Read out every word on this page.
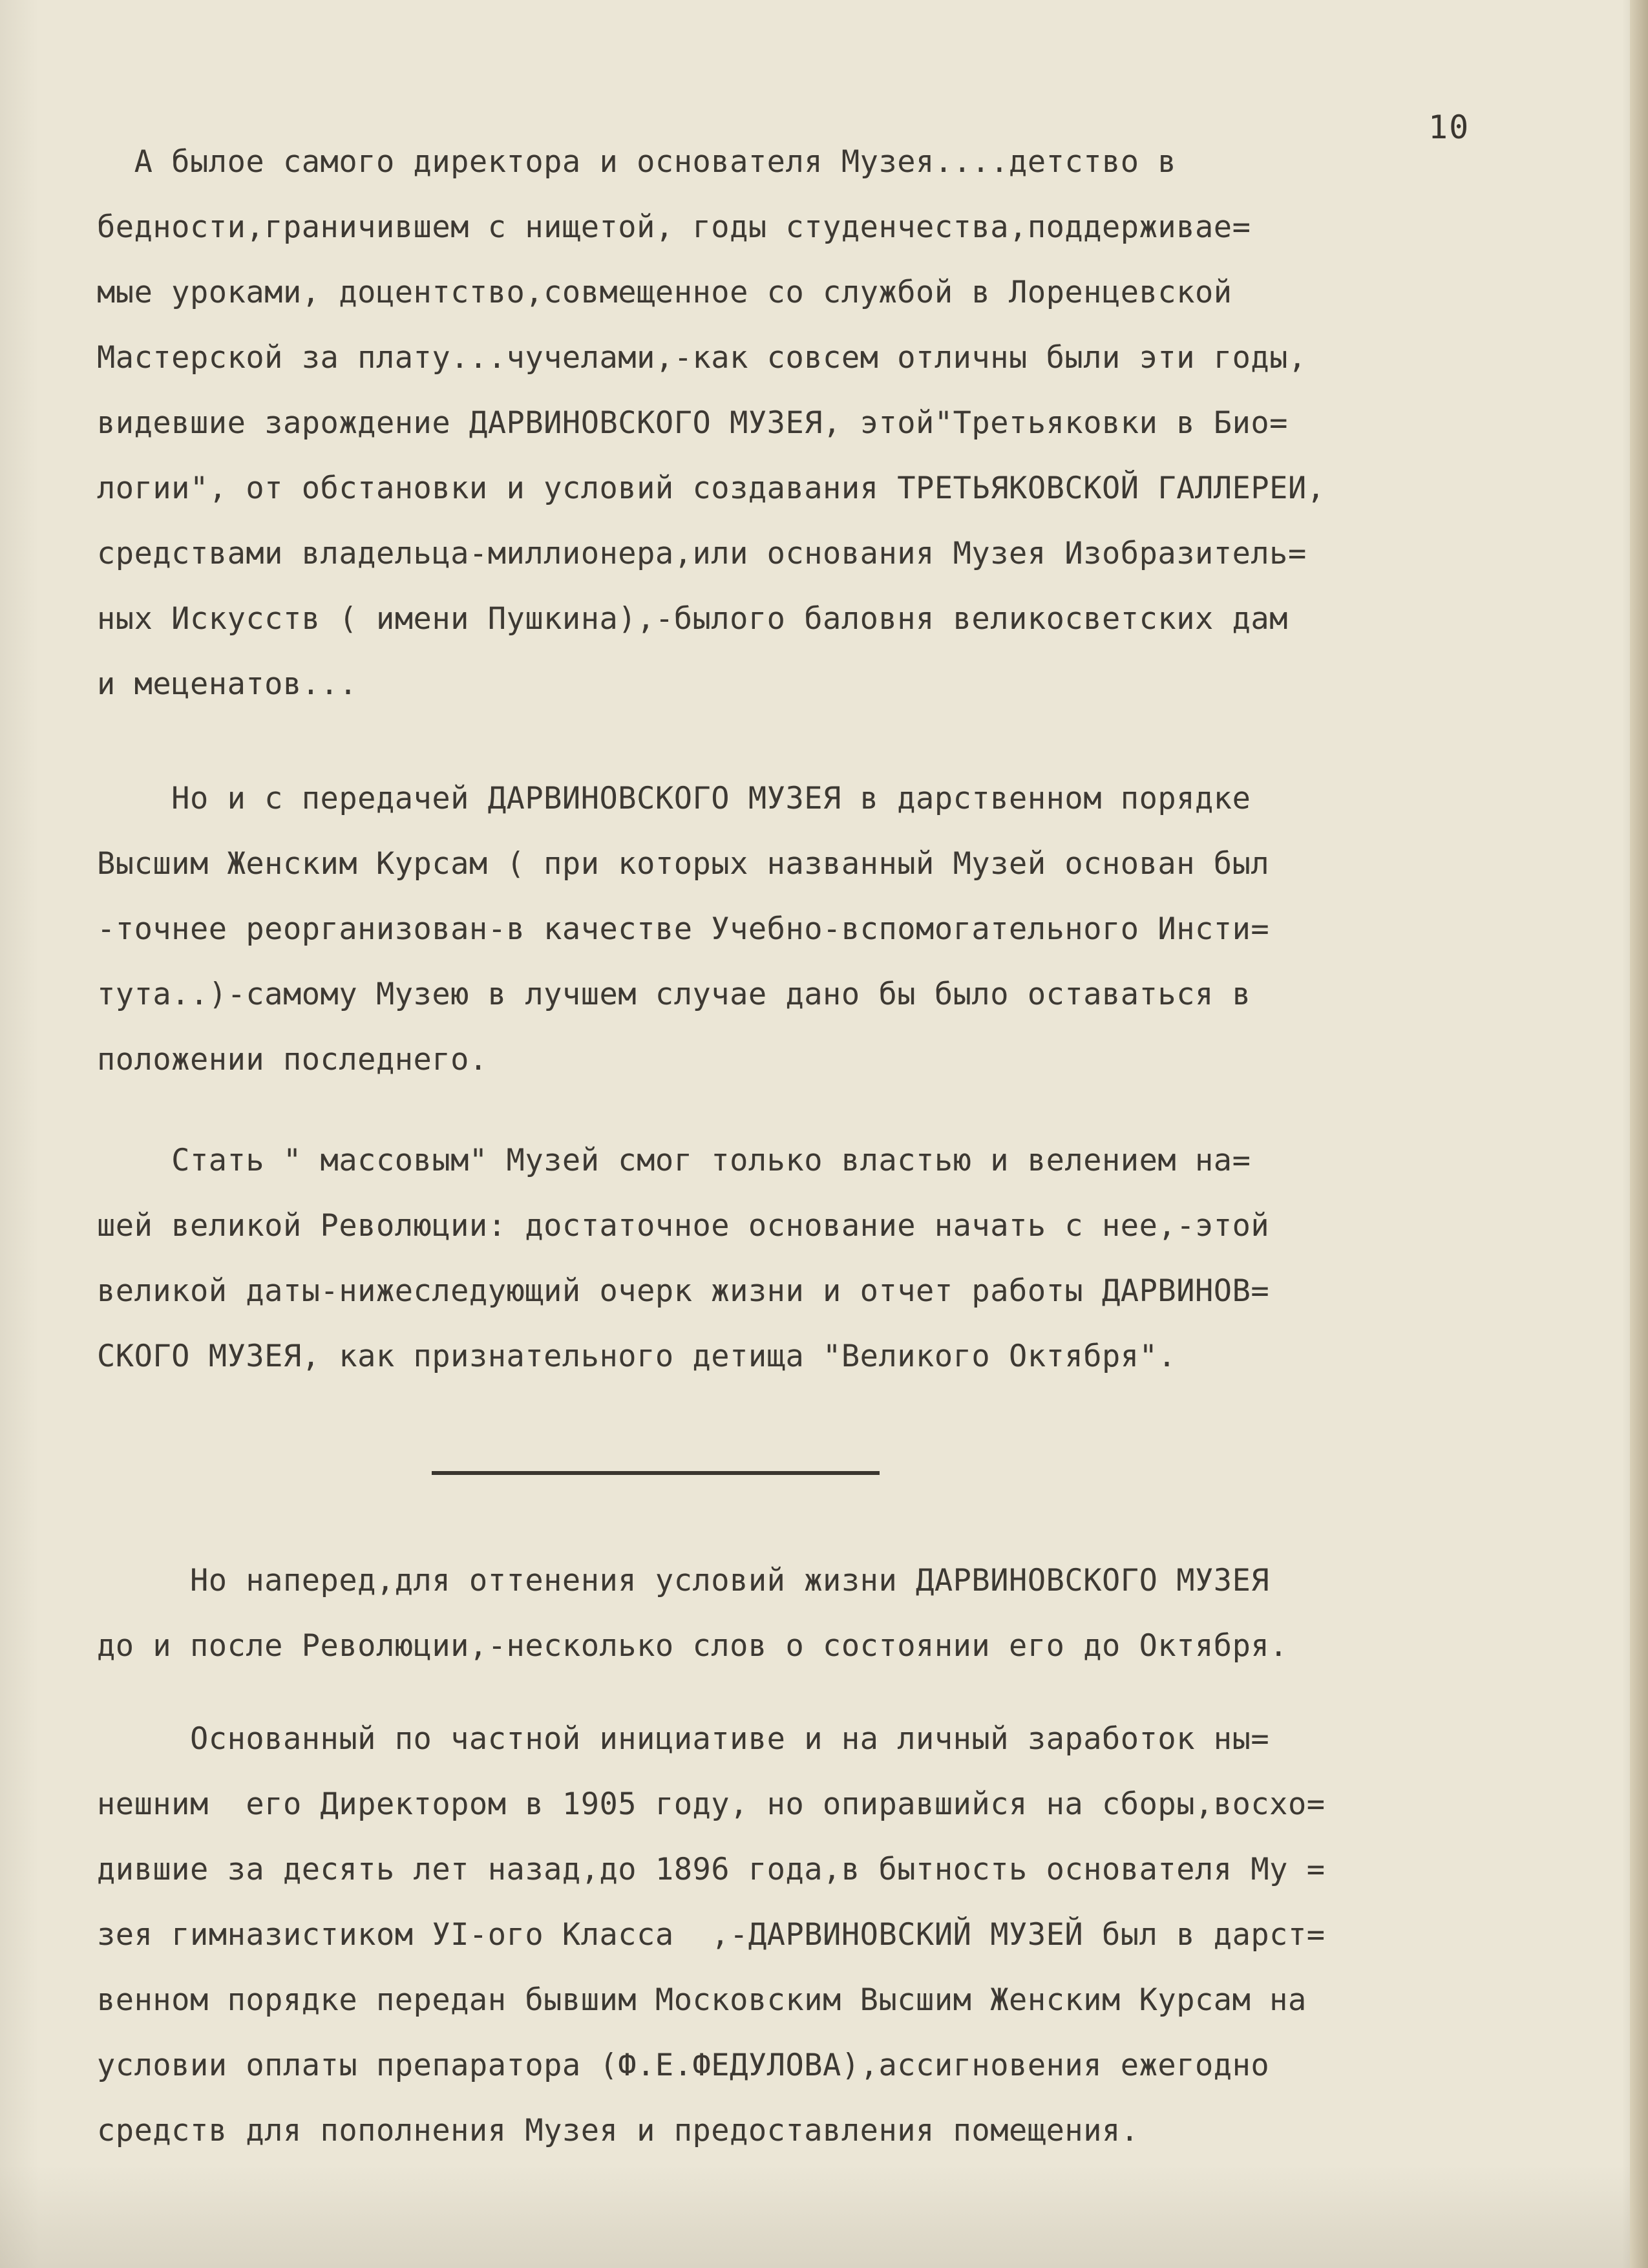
10
А былое самого директора и основателя Музея....детство в
бедности,граничившем с нищетой, годы студенчества,поддерживае=
мые уроками, доцентство,совмещенное со службой в Лоренцевской
Мастерской за плату...чучелами,-как совсем отличны были эти годы,
видевшие зарождение ДАРВИНОВСКОГО МУЗЕЯ, этой"Третьяковки в Био=
логии", от обстановки и условий создавания ТРЕТЬЯКОВСКОЙ ГАЛЛЕРЕИ,
средствами владельца-миллионера,или основания Музея Изобразитель=
ных Искусств ( имени Пушкина),-былого баловня великосветских дам
и меценатов...
Но и с передачей ДАРВИНОВСКОГО МУЗЕЯ в дарственном порядке
Высшим Женским Курсам ( при которых названный Музей основан был
-точнее реорганизован-в качестве Учебно-вспомогательного Инсти=
тута..)-самому Музею в лучшем случае дано бы было оставаться в
положении последнего.
Стать " массовым" Музей смог только властью и велением на=
шей великой Революции: достаточное основание начать с нее,-этой
великой даты-нижеследующий очерк жизни и отчет работы ДАРВИНОВ=
СКОГО МУЗЕЯ, как признательного детища "Великого Октября".
Но наперед,для оттенения условий жизни ДАРВИНОВСКОГО МУЗЕЯ
до и после Революции,-несколько слов о состоянии его до Октября.
Основанный по частной инициативе и на личный заработок ны=
нешним  его Директором в 1905 году, но опиравшийся на сборы,восхо=
дившие за десять лет назад,до 1896 года,в бытность основателя Му =
зея гимназистиком УI-ого Класса  ,-ДАРВИНОВСКИЙ МУЗЕЙ был в дарст=
венном порядке передан бывшим Московским Высшим Женским Курсам на
условии оплаты препаратора (Ф.Е.ФЕДУЛОВА),ассигновения ежегодно
средств для пополнения Музея и предоставления помещения.
